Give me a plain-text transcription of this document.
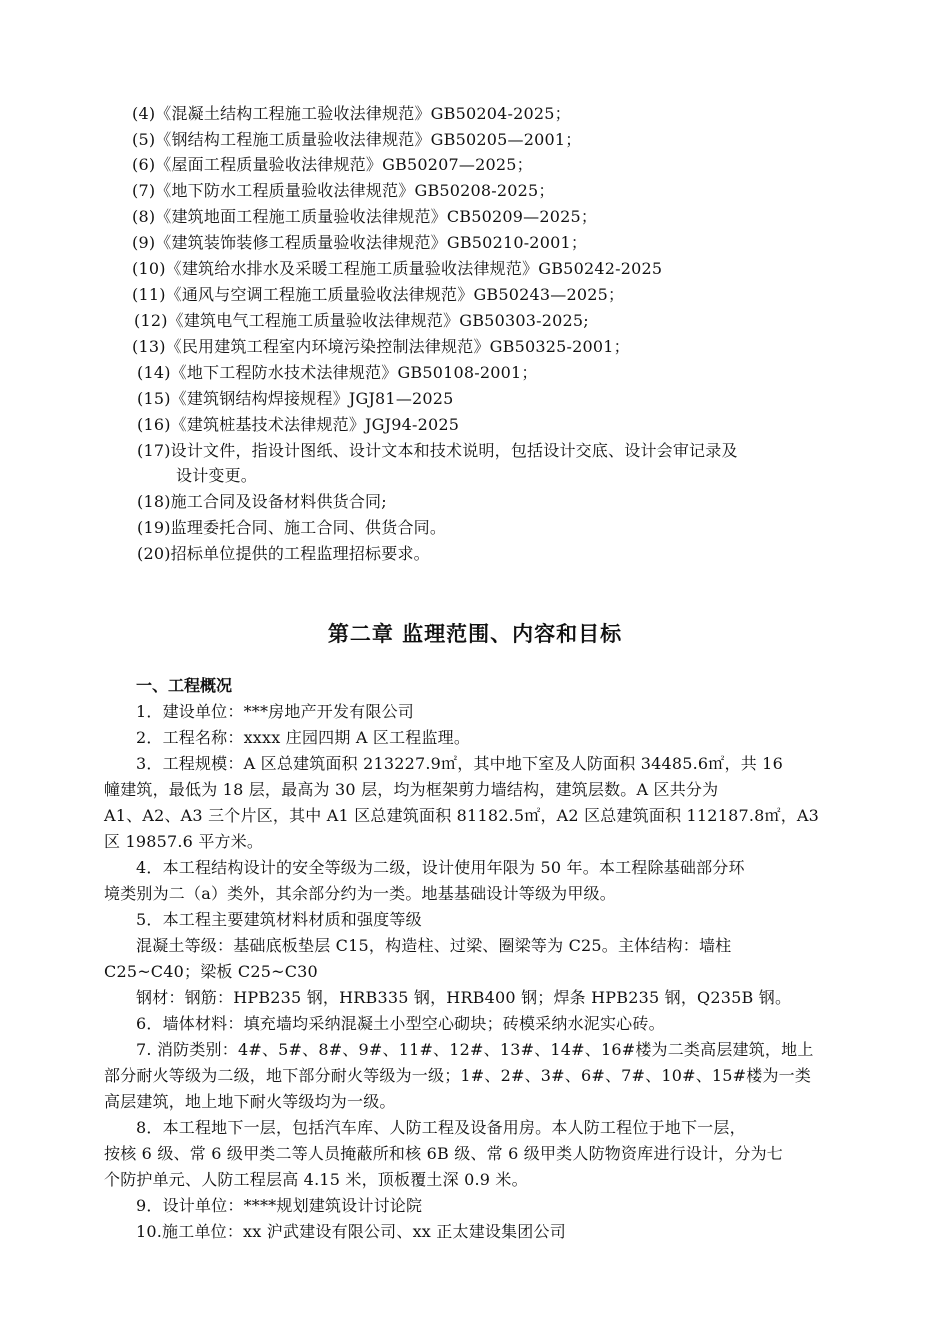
(4)《混凝土结构工程施工验收法律规范》GB50204-2025；
(5)《钢结构工程施工质量验收法律规范》GB50205—2001；
(6)《屋面工程质量验收法律规范》GB50207—2025；
(7)《地下防水工程质量验收法律规范》GB50208-2025；
(8)《建筑地面工程施工质量验收法律规范》CB50209—2025；
(9)《建筑装饰装修工程质量验收法律规范》GB50210-2001；
(10)《建筑给水排水及采暖工程施工质量验收法律规范》GB50242-2025
(11)《通风与空调工程施工质量验收法律规范》GB50243—2025；
(12)《建筑电气工程施工质量验收法律规范》GB50303-2025;
(13)《民用建筑工程室内环境污染控制法律规范》GB50325-2001；
(14)《地下工程防水技术法律规范》GB50108-2001；
(15)《建筑钢结构焊接规程》JGJ81—2025
(16)《建筑桩基技术法律规范》JGJ94-2025
(17)设计文件，指设计图纸、设计文本和技术说明，包括设计交底、设计会审记录及
设计变更。
(18)施工合同及设备材料供货合同;
(19)监理委托合同、施工合同、供货合同。
(20)招标单位提供的工程监理招标要求。
第二章 监理范围、内容和目标
一、工程概况
1．建设单位：***房地产开发有限公司
2．工程名称：xxxx 庄园四期 A 区工程监理。
3．工程规模：A 区总建筑面积 213227.9㎡，其中地下室及人防面积 34485.6㎡，共 16
幢建筑，最低为 18 层，最高为 30 层，均为框架剪力墙结构，建筑层数。A 区共分为
A1、A2、A3 三个片区，其中 A1 区总建筑面积 81182.5㎡，A2 区总建筑面积 112187.8㎡，A3
区 19857.6 平方米。
4．本工程结构设计的安全等级为二级，设计使用年限为 50 年。本工程除基础部分环
境类别为二（a）类外，其余部分约为一类。地基基础设计等级为甲级。
5．本工程主要建筑材料材质和强度等级
混凝土等级：基础底板垫层 C15，构造柱、过梁、圈梁等为 C25。主体结构：墙柱
C25~C40；梁板 C25~C30
钢材：钢筋：HPB235 钢，HRB335 钢，HRB400 钢；焊条 HPB235 钢，Q235B 钢。
6．墙体材料：填充墙均采纳混凝土小型空心砌块；砖模采纳水泥实心砖。
7. 消防类别：4#、5#、8#、9#、11#、12#、13#、14#、16#楼为二类高层建筑，地上
部分耐火等级为二级，地下部分耐火等级为一级；1#、2#、3#、6#、7#、10#、15#楼为一类
高层建筑，地上地下耐火等级均为一级。
8．本工程地下一层，包括汽车库、人防工程及设备用房。本人防工程位于地下一层，
按核 6 级、常 6 级甲类二等人员掩蔽所和核 6B 级、常 6 级甲类人防物资库进行设计，分为七
个防护单元、人防工程层高 4.15 米，顶板覆土深 0.9 米。
9．设计单位：****规划建筑设计讨论院
10.施工单位：xx 沪武建设有限公司、xx 正太建设集团公司
